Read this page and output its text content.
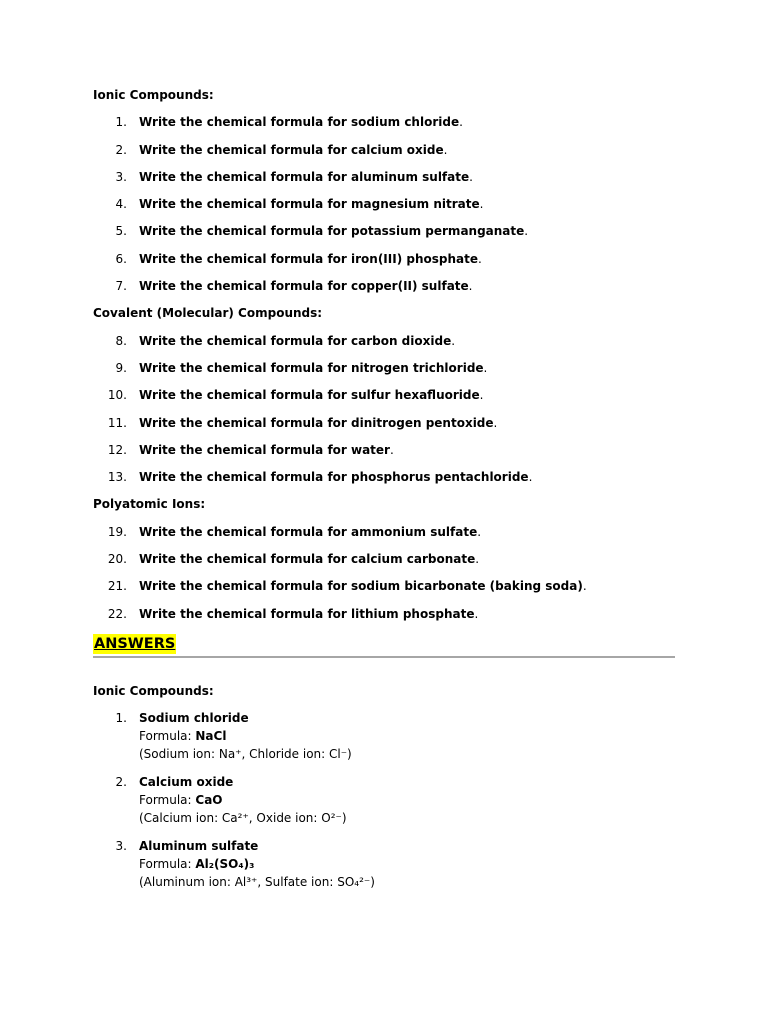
Ionic Compounds:
1. Write the chemical formula for sodium chloride.
2. Write the chemical formula for calcium oxide.
3. Write the chemical formula for aluminum sulfate.
4. Write the chemical formula for magnesium nitrate.
5. Write the chemical formula for potassium permanganate.
6. Write the chemical formula for iron(III) phosphate.
7. Write the chemical formula for copper(II) sulfate.
Covalent (Molecular) Compounds:
8. Write the chemical formula for carbon dioxide.
9. Write the chemical formula for nitrogen trichloride.
10. Write the chemical formula for sulfur hexafluoride.
11. Write the chemical formula for dinitrogen pentoxide.
12. Write the chemical formula for water.
13. Write the chemical formula for phosphorus pentachloride.
Polyatomic Ions:
19. Write the chemical formula for ammonium sulfate.
20. Write the chemical formula for calcium carbonate.
21. Write the chemical formula for sodium bicarbonate (baking soda).
22. Write the chemical formula for lithium phosphate.
ANSWERS
Ionic Compounds:
1. Sodium chloride
Formula: NaCl
(Sodium ion: Na⁺, Chloride ion: Cl⁻)
2. Calcium oxide
Formula: CaO
(Calcium ion: Ca²⁺, Oxide ion: O²⁻)
3. Aluminum sulfate
Formula: Al₂(SO₄)₃
(Aluminum ion: Al³⁺, Sulfate ion: SO₄²⁻)
